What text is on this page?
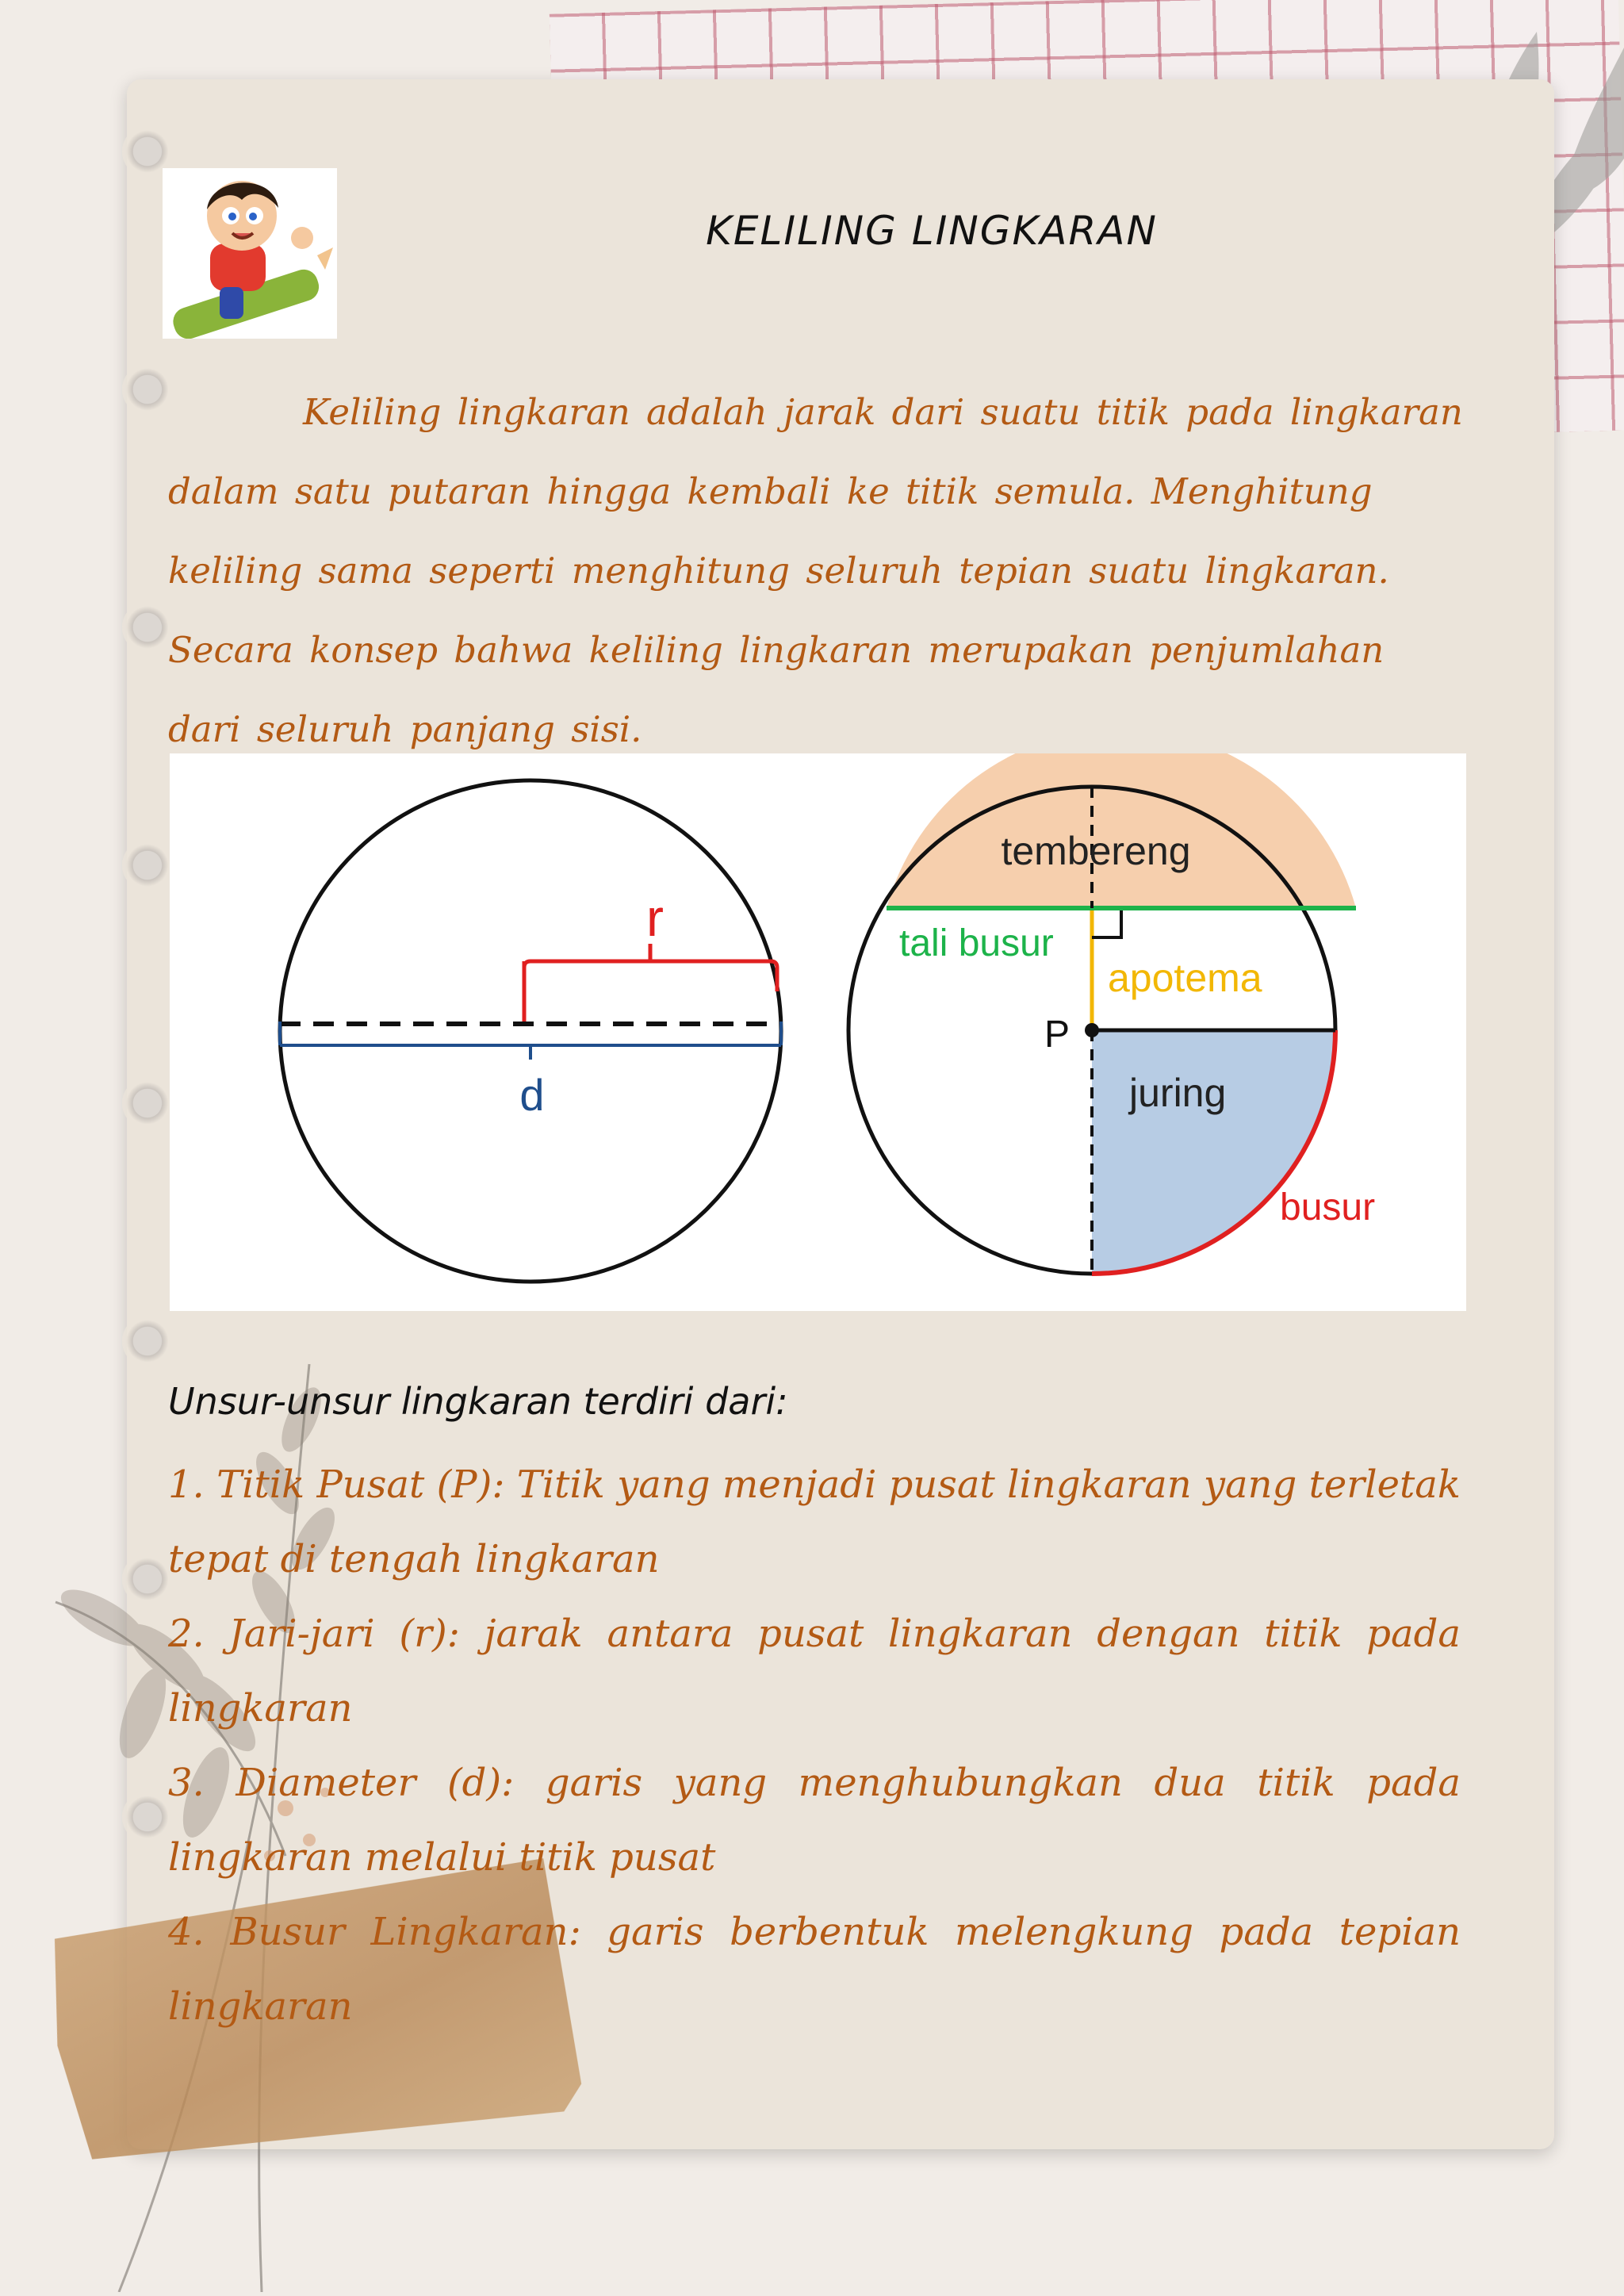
KELILING LINGKARAN

Keliling lingkaran adalah jarak dari suatu titik pada lingkaran dalam satu putaran hingga kembali ke titik semula. Menghitung keliling sama seperti menghitung seluruh tepian suatu lingkaran. Secara konsep bahwa keliling lingkaran merupakan penjumlahan dari seluruh panjang sisi.

r
d
tembereng
tali busur
apotema
P
juring
busur
Unsur-unsur lingkaran terdiri dari:
1. Titik Pusat (P): Titik yang menjadi pusat lingkaran yang terletak tepat di tengah lingkaran
2. Jari-jari (r): jarak antara pusat lingkaran dengan titik pada lingkaran
3. Diameter (d): garis yang menghubungkan dua titik pada lingkaran melalui titik pusat
4. Busur Lingkaran: garis berbentuk melengkung pada tepian lingkaran
